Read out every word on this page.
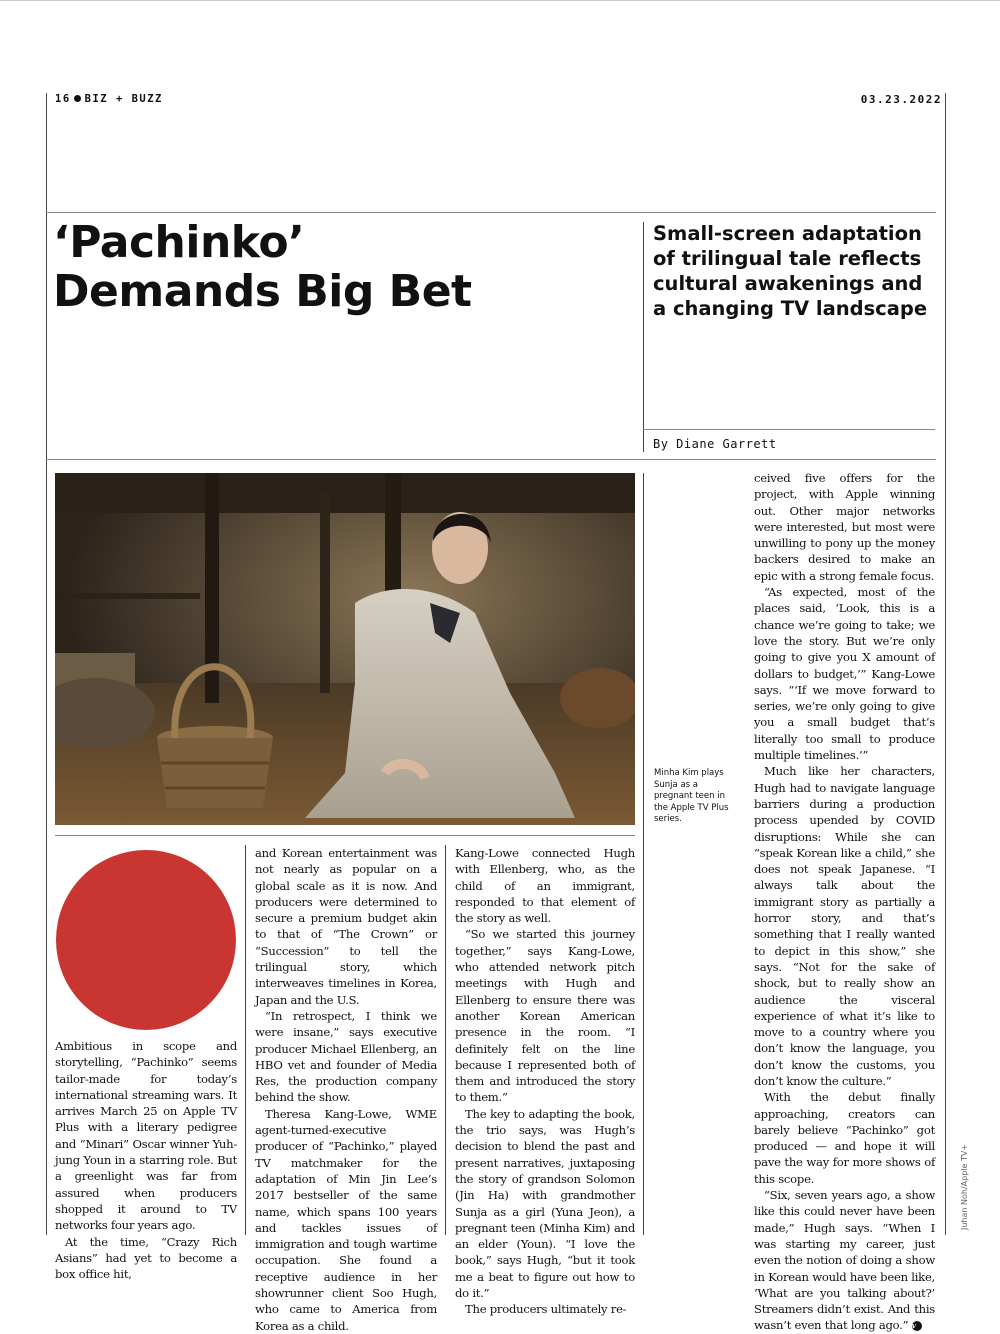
16 BIZ + BUZZ	03.23.2022
‘Pachinko’
Demands Big Bet

Small-screen adaptation of trilingual tale reflects cultural awakenings and a changing TV landscape

By Diane Garrett
Minha Kim plays Sunja as a pregnant teen in the Apple TV Plus series.

Ambitious in scope and storytelling, “Pachinko” seems tailor-made for today’s international streaming wars. It arrives March 25 on Apple TV Plus with a literary pedigree and “Minari” Oscar winner Yuh-jung Youn in a starring role. But a greenlight was far from assured when producers shopped it around to TV networks four years ago.

At the time, “Crazy Rich Asians” had yet to become a box office hit,

and Korean entertainment was not nearly as popular on a global scale as it is now. And producers were determined to secure a premium budget akin to that of “The Crown” or “Succession” to tell the trilingual story, which interweaves timelines in Korea, Japan and the U.S.

“In retrospect, I think we were insane,” says executive producer Michael Ellenberg, an HBO vet and founder of Media Res, the production company behind the show.

Theresa Kang-Lowe, WME agent-turned-executive producer of “Pachinko,” played TV matchmaker for the adaptation of Min Jin Lee’s 2017 bestseller of the same name, which spans 100 years and tackles issues of immigration and tough wartime occupation. She found a receptive audience in her showrunner client Soo Hugh, who came to America from Korea as a child.

Kang-Lowe connected Hugh with Ellenberg, who, as the child of an immigrant, responded to that element of the story as well.

“So we started this journey together,” says Kang-Lowe, who attended network pitch meetings with Hugh and Ellenberg to ensure there was another Korean American presence in the room. “I definitely felt on the line because I represented both of them and introduced the story to them.”

The key to adapting the book, the trio says, was Hugh’s decision to blend the past and present narratives, juxtaposing the story of grandson Solomon (Jin Ha) with grandmother Sunja as a girl (Yuna Jeon), a pregnant teen (Minha Kim) and an elder (Youn). “I love the book,” says Hugh, “but it took me a beat to figure out how to do it.”

The producers ultimately re-

ceived five offers for the project, with Apple winning out. Other major networks were interested, but most were unwilling to pony up the money backers desired to make an epic with a strong female focus.

“As expected, most of the places said, ‘Look, this is a chance we’re going to take; we love the story. But we’re only going to give you X amount of dollars to budget,’” Kang-Lowe says. “‘If we move forward to series, we’re only going to give you a small budget that’s literally too small to produce multiple timelines.’”

Much like her characters, Hugh had to navigate language barriers during a production process upended by COVID disruptions: While she can “speak Korean like a child,” she does not speak Japanese. “I always talk about the immigrant story as partially a horror story, and that’s something that I really wanted to depict in this show,” she says. “Not for the sake of shock, but to really show an audience the visceral experience of what it’s like to move to a country where you don’t know the language, you don’t know the customs, you don’t know the culture.”

With the debut finally approaching, creators can barely believe “Pachinko” got produced — and hope it will pave the way for more shows of this scope.

“Six, seven years ago, a show like this could never have been made,” Hugh says. “When I was starting my career, just even the notion of doing a show in Korean would have been like, ‘What are you talking about?’ Streamers didn’t exist. And this wasn’t even that long ago.” v

Juhan Noh/Apple TV+
